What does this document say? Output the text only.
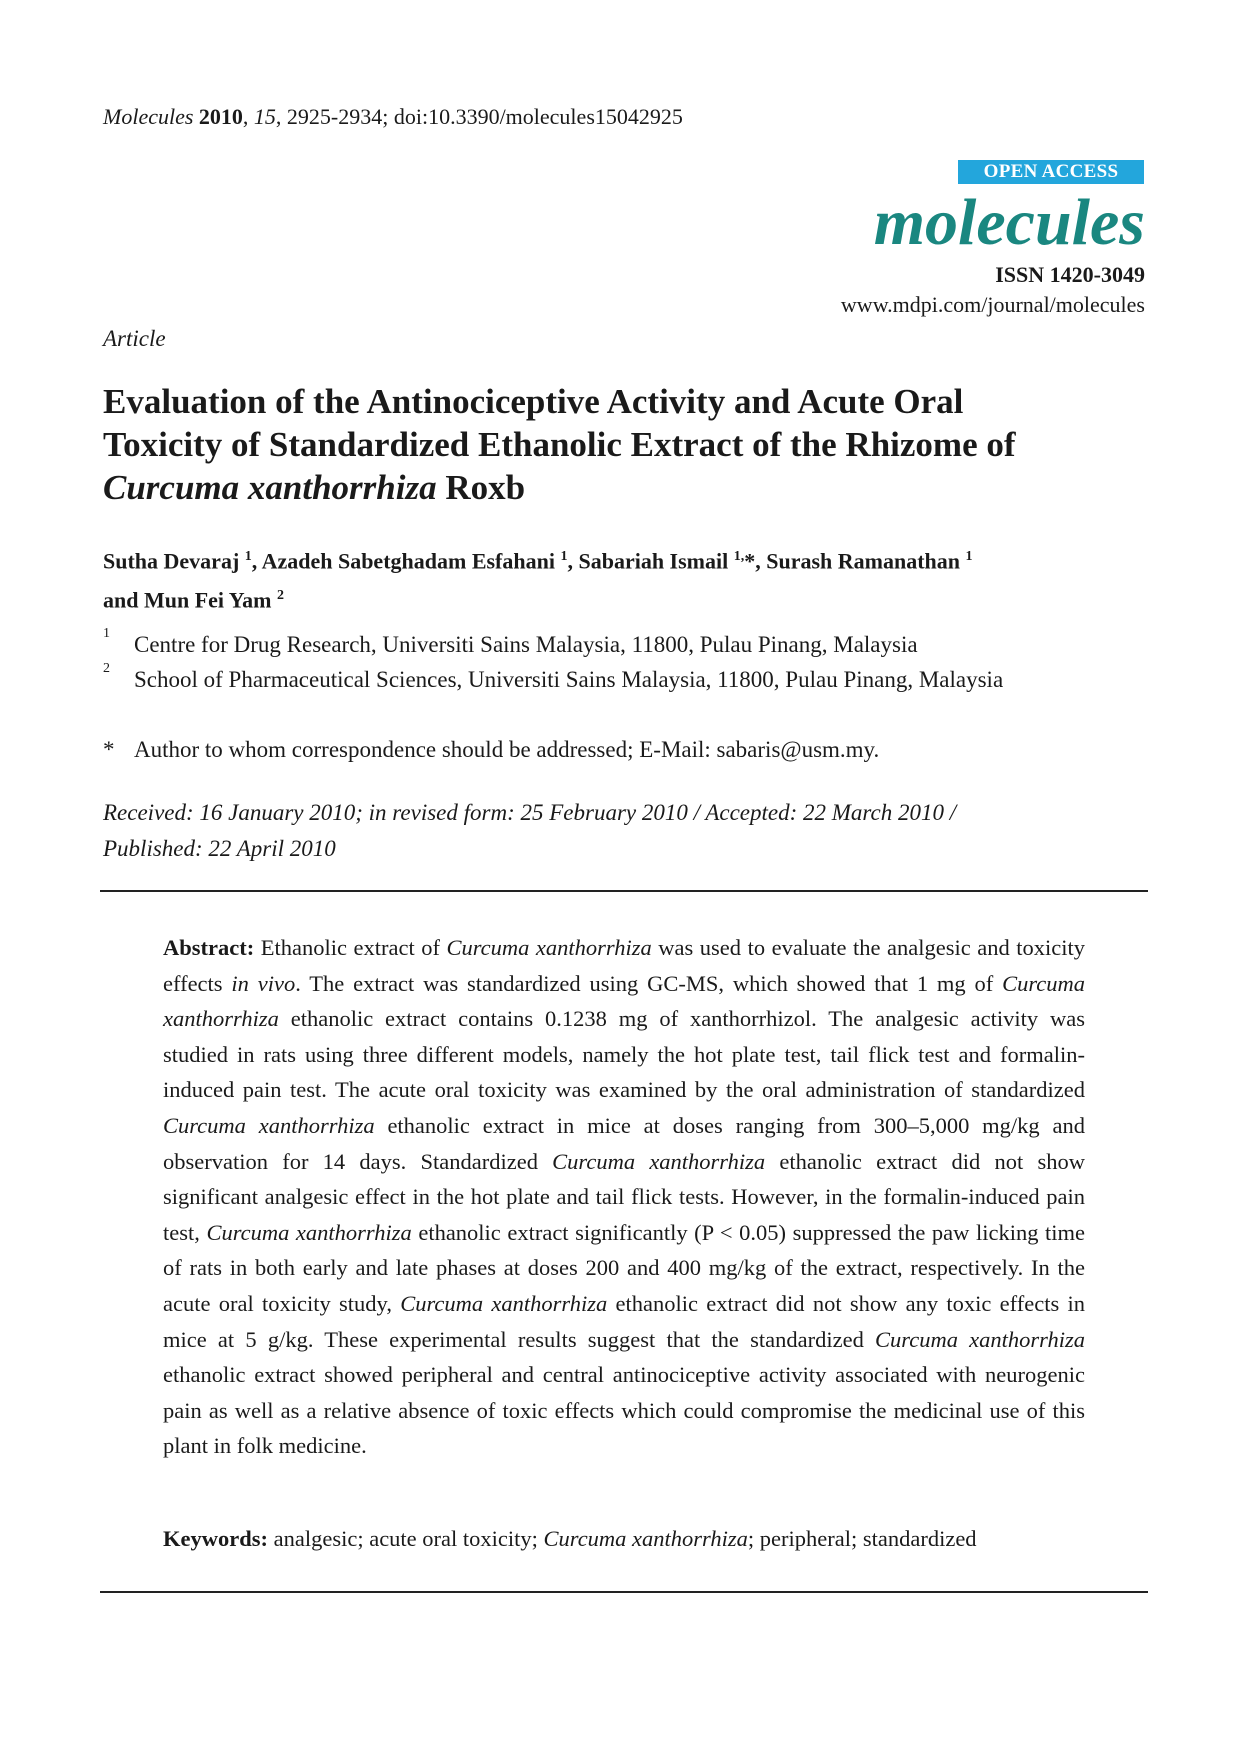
Molecules 2010, 15, 2925-2934; doi:10.3390/molecules15042925
OPEN ACCESS
molecules
ISSN 1420-3049
www.mdpi.com/journal/molecules
Article
Evaluation of the Antinociceptive Activity and Acute Oral
Toxicity of Standardized Ethanolic Extract of the Rhizome of
Curcuma xanthorrhiza Roxb
Sutha Devaraj $^1$, Azadeh Sabetghadam Esfahani $^1$, Sabariah Ismail $^{1,}$*, Surash Ramanathan $^1$
and Mun Fei Yam $^2$
1 Centre for Drug Research, Universiti Sains Malaysia, 11800, Pulau Pinang, Malaysia
2 School of Pharmaceutical Sciences, Universiti Sains Malaysia, 11800, Pulau Pinang, Malaysia
* Author to whom correspondence should be addressed; E-Mail: sabaris@usm.my.
Received: 16 January 2010; in revised form: 25 February 2010 / Accepted: 22 March 2010 /
Published: 22 April 2010

Abstract: Ethanolic extract of Curcuma xanthorrhiza was used to evaluate the analgesic and toxicity effects in vivo. The extract was standardized using GC-MS, which showed that 1 mg of Curcuma xanthorrhiza ethanolic extract contains 0.1238 mg of xanthorrhizol. The analgesic activity was studied in rats using three different models, namely the hot plate test, tail flick test and formalin-induced pain test. The acute oral toxicity was examined by the oral administration of standardized Curcuma xanthorrhiza ethanolic extract in mice at doses ranging from 300–5,000 mg/kg and observation for 14 days. Standardized Curcuma xanthorrhiza ethanolic extract did not show significant analgesic effect in the hot plate and tail flick tests. However, in the formalin-induced pain test, Curcuma xanthorrhiza ethanolic extract significantly (P < 0.05) suppressed the paw licking time of rats in both early and late phases at doses 200 and 400 mg/kg of the extract, respectively. In the acute oral toxicity study, Curcuma xanthorrhiza ethanolic extract did not show any toxic effects in mice at 5 g/kg. These experimental results suggest that the standardized Curcuma xanthorrhiza ethanolic extract showed peripheral and central antinociceptive activity associated with neurogenic pain as well as a relative absence of toxic effects which could compromise the medicinal use of this plant in folk medicine.

Keywords: analgesic; acute oral toxicity; Curcuma xanthorrhiza; peripheral; standardized
